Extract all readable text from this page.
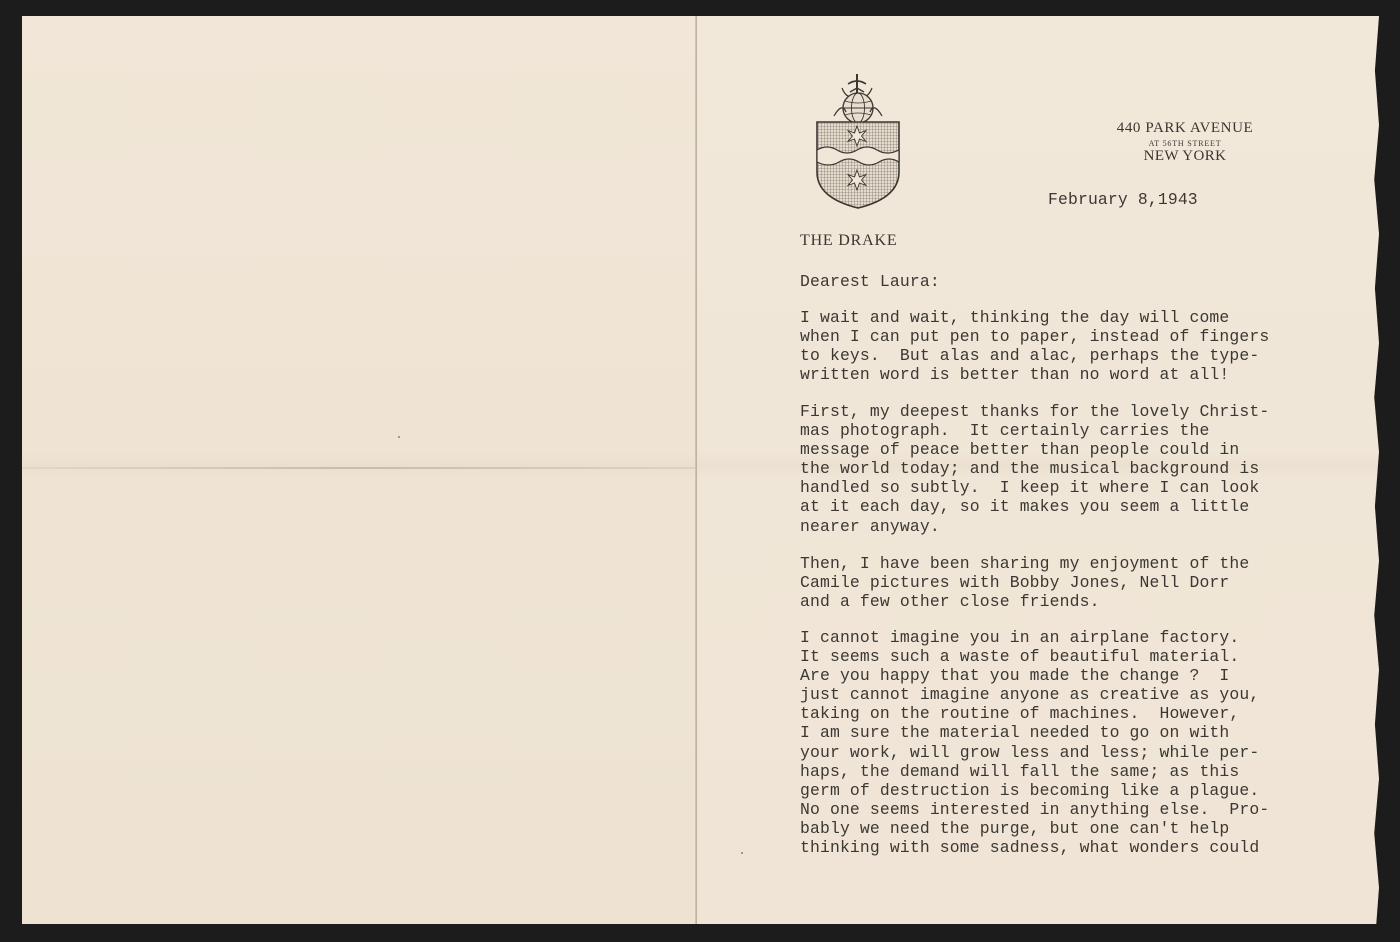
440 PARK AVENUE
AT 56TH STREET
NEW YORK
THE DRAKE
February 8,1943
Dearest Laura:
I wait and wait, thinking the day will come
when I can put pen to paper, instead of fingers
to keys.  But alas and alac, perhaps the type-
written word is better than no word at all!
First, my deepest thanks for the lovely Christ-
mas photograph.  It certainly carries the
message of peace better than people could in
the world today; and the musical background is
handled so subtly.  I keep it where I can look
at it each day, so it makes you seem a little
nearer anyway.
Then, I have been sharing my enjoyment of the
Camile pictures with Bobby Jones, Nell Dorr
and a few other close friends.
I cannot imagine you in an airplane factory.
It seems such a waste of beautiful material.
Are you happy that you made the change ?  I
just cannot imagine anyone as creative as you,
taking on the routine of machines.  However,
I am sure the material needed to go on with
your work, will grow less and less; while per-
haps, the demand will fall the same; as this
germ of destruction is becoming like a plague.
No one seems interested in anything else.  Pro-
bably we need the purge, but one can't help
thinking with some sadness, what wonders could
